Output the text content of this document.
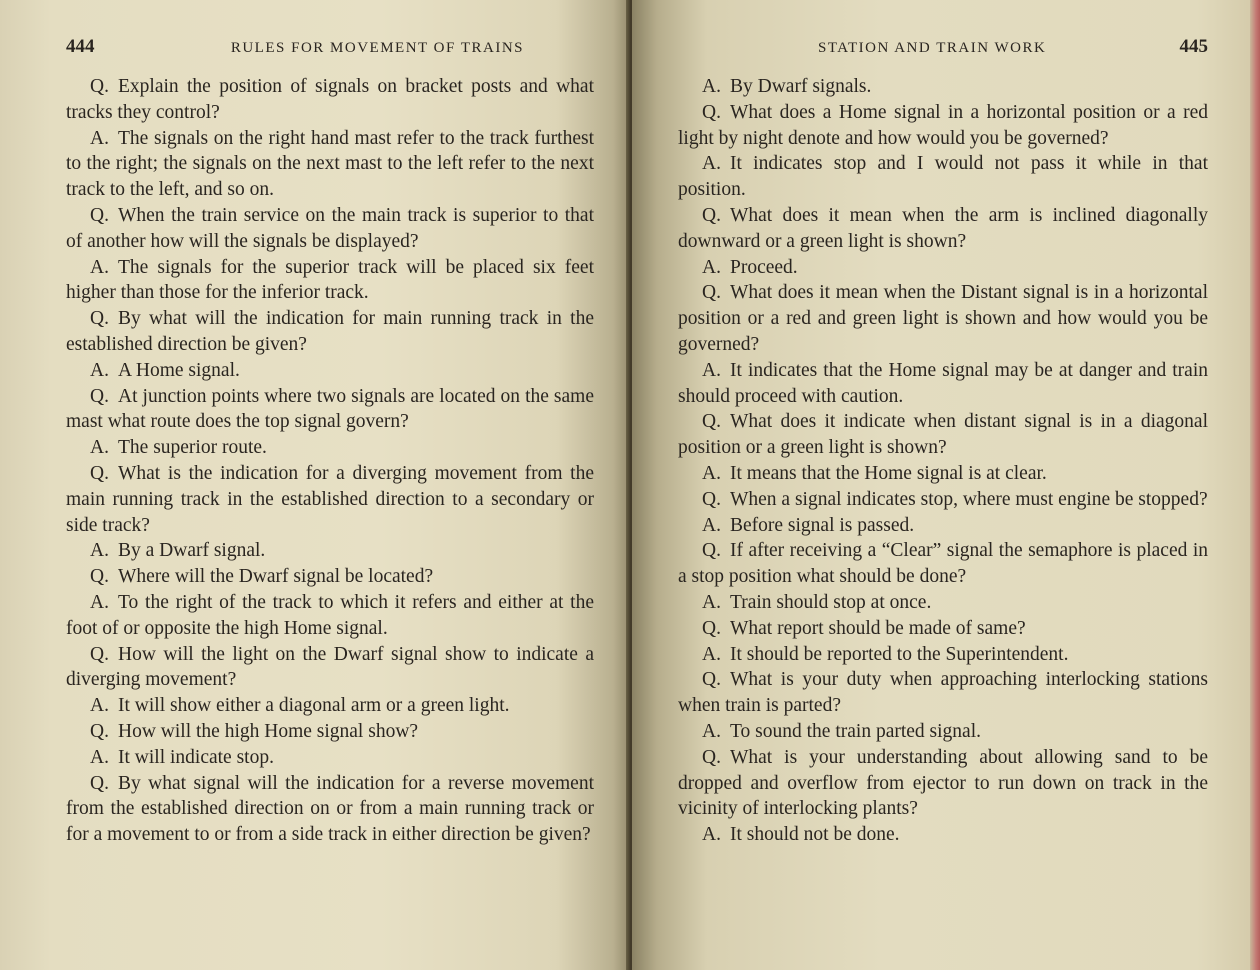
444	RULES FOR MOVEMENT OF TRAINS

Q. Explain the position of signals on bracket posts and what tracks they control?

A. The signals on the right hand mast refer to the track furthest to the right; the signals on the next mast to the left refer to the next track to the left, and so on.

Q. When the train service on the main track is superior to that of another how will the signals be displayed?

A. The signals for the superior track will be placed six feet higher than those for the inferior track.

Q. By what will the indication for main running track in the established direction be given?

A. A Home signal.

Q. At junction points where two signals are located on the same mast what route does the top signal govern?

A. The superior route.

Q. What is the indication for a diverging movement from the main running track in the established direction to a secondary or side track?

A. By a Dwarf signal.

Q. Where will the Dwarf signal be located?

A. To the right of the track to which it refers and either at the foot of or opposite the high Home signal.

Q. How will the light on the Dwarf signal show to indicate a diverging movement?

A. It will show either a diagonal arm or a green light.

Q. How will the high Home signal show?

A. It will indicate stop.

Q. By what signal will the indication for a reverse movement from the established direction on or from a main running track or for a movement to or from a side track in either direction be given?

STATION AND TRAIN WORK	445

A. By Dwarf signals.

Q. What does a Home signal in a horizontal position or a red light by night denote and how would you be governed?

A. It indicates stop and I would not pass it while in that position.

Q. What does it mean when the arm is inclined diagonally downward or a green light is shown?

A. Proceed.

Q. What does it mean when the Distant signal is in a horizontal position or a red and green light is shown and how would you be governed?

A. It indicates that the Home signal may be at danger and train should proceed with caution.

Q. What does it indicate when distant signal is in a diagonal position or a green light is shown?

A. It means that the Home signal is at clear.

Q. When a signal indicates stop, where must engine be stopped?

A. Before signal is passed.

Q. If after receiving a “Clear” signal the semaphore is placed in a stop position what should be done?

A. Train should stop at once.

Q. What report should be made of same?

A. It should be reported to the Superintendent.

Q. What is your duty when approaching interlocking stations when train is parted?

A. To sound the train parted signal.

Q. What is your understanding about allowing sand to be dropped and overflow from ejector to run down on track in the vicinity of interlocking plants?

A. It should not be done.
